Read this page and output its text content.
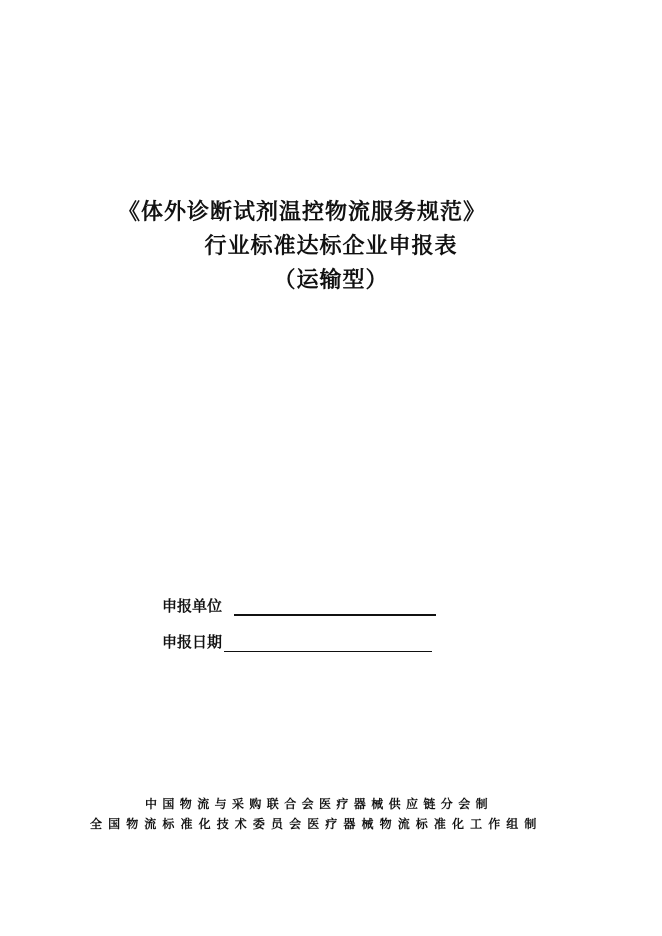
《体外诊断试剂温控物流服务规范》
行业标准达标企业申报表
（运输型）
申报单位
申报日期
中国物流与采购联合会医疗器械供应链分会制
全国物流标准化技术委员会医疗器械物流标准化工作组制
